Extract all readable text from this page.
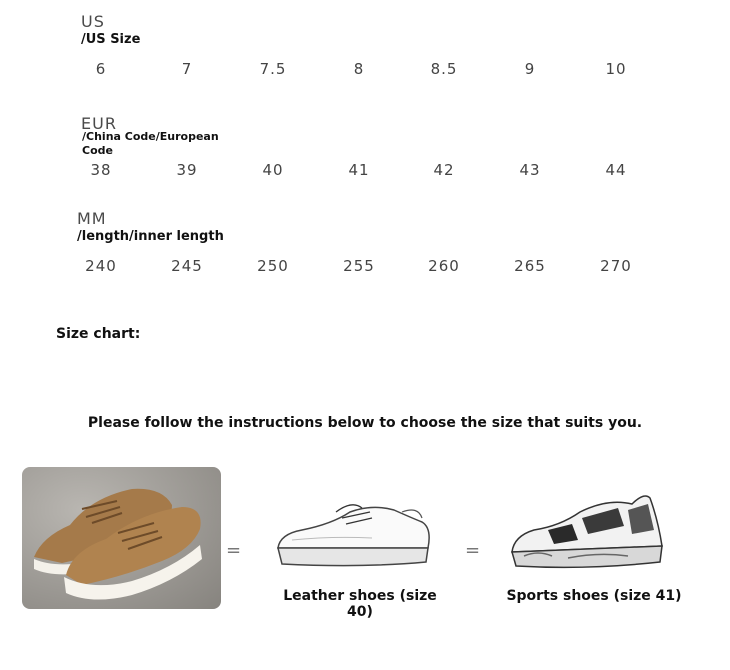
US
/US Size
6	7	7.5	8	8.5	9	10
EUR
/China Code/European Code
38	39	40	41	42	43	44
MM
/length/inner length
240	245	250	255	260	265	270
Size chart:
Please follow the instructions below to choose the size that suits you.
=
Leather shoes (size 40)
=
Sports shoes (size 41)
